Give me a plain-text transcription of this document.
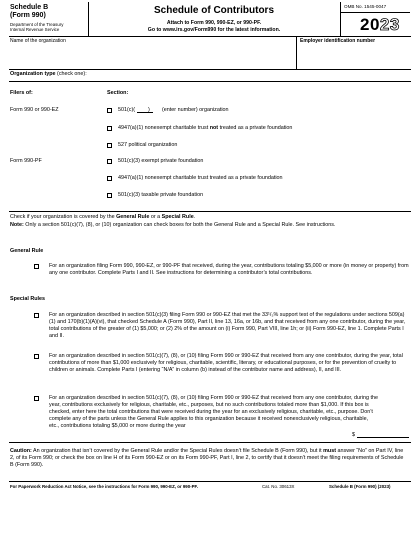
Schedule B
(Form 990)
Department of the Treasury
Internal Revenue Service
Schedule of Contributors
Attach to Form 990, 990-EZ, or 990-PF.
Go to www.irs.gov/Form990 for the latest information.
OMB No. 1545-0047
2023
Name of the organization	Employer identification number
Organization type (check one):
Filers of:	Section:
Form 990 or 990-EZ	501(c)( ) (enter number) organization
4947(a)(1) nonexempt charitable trust not treated as a private foundation
527 political organization
Form 990-PF	501(c)(3) exempt private foundation
4947(a)(1) nonexempt charitable trust treated as a private foundation
501(c)(3) taxable private foundation
Check if your organization is covered by the General Rule or a Special Rule.
Note: Only a section 501(c)(7), (8), or (10) organization can check boxes for both the General Rule and a Special Rule. See instructions.
General Rule
For an organization filing Form 990, 990-EZ, or 990-PF that received, during the year, contributions totaling $5,000 or more (in money or property) from any one contributor. Complete Parts I and II. See instructions for determining a contributor’s total contributions.
Special Rules
For an organization described in section 501(c)(3) filing Form 990 or 990-EZ that met the 33¹/₃% support test of the regulations under sections 509(a)(1) and 170(b)(1)(A)(vi), that checked Schedule A (Form 990), Part II, line 13, 16a, or 16b, and that received from any one contributor, during the year, total contributions of the greater of (1) $5,000; or (2) 2% of the amount on (i) Form 990, Part VIII, line 1h; or (ii) Form 990-EZ, line 1. Complete Parts I and II.
For an organization described in section 501(c)(7), (8), or (10) filing Form 990 or 990-EZ that received from any one contributor, during the year, total contributions of more than $1,000 exclusively for religious, charitable, scientific, literary, or educational purposes, or for the prevention of cruelty to children or animals. Complete Parts I (entering “N/A” in column (b) instead of the contributor name and address), II, and III.
For an organization described in section 501(c)(7), (8), or (10) filing Form 990 or 990-EZ that received from any one contributor, during the year, contributions exclusively for religious, charitable, etc., purposes, but no such contributions totaled more than $1,000. If this box is checked, enter here the total contributions that were received during the year for an exclusively religious, charitable, etc., purpose. Don’t complete any of the parts unless the General Rule applies to this organization because it received nonexclusively religious, charitable, etc., contributions totaling $5,000 or more during the year
$
Caution: An organization that isn’t covered by the General Rule and/or the Special Rules doesn’t file Schedule B (Form 990), but it must answer “No” on Part IV, line 2, of its Form 990; or check the box on line H of its Form 990-EZ or on its Form 990-PF, Part I, line 2, to certify that it doesn’t meet the filing requirements of Schedule B (Form 990).
For Paperwork Reduction Act Notice, see the instructions for Form 990, 990-EZ, or 990-PF.	Cat. No. 30613X	Schedule B (Form 990) (2023)
